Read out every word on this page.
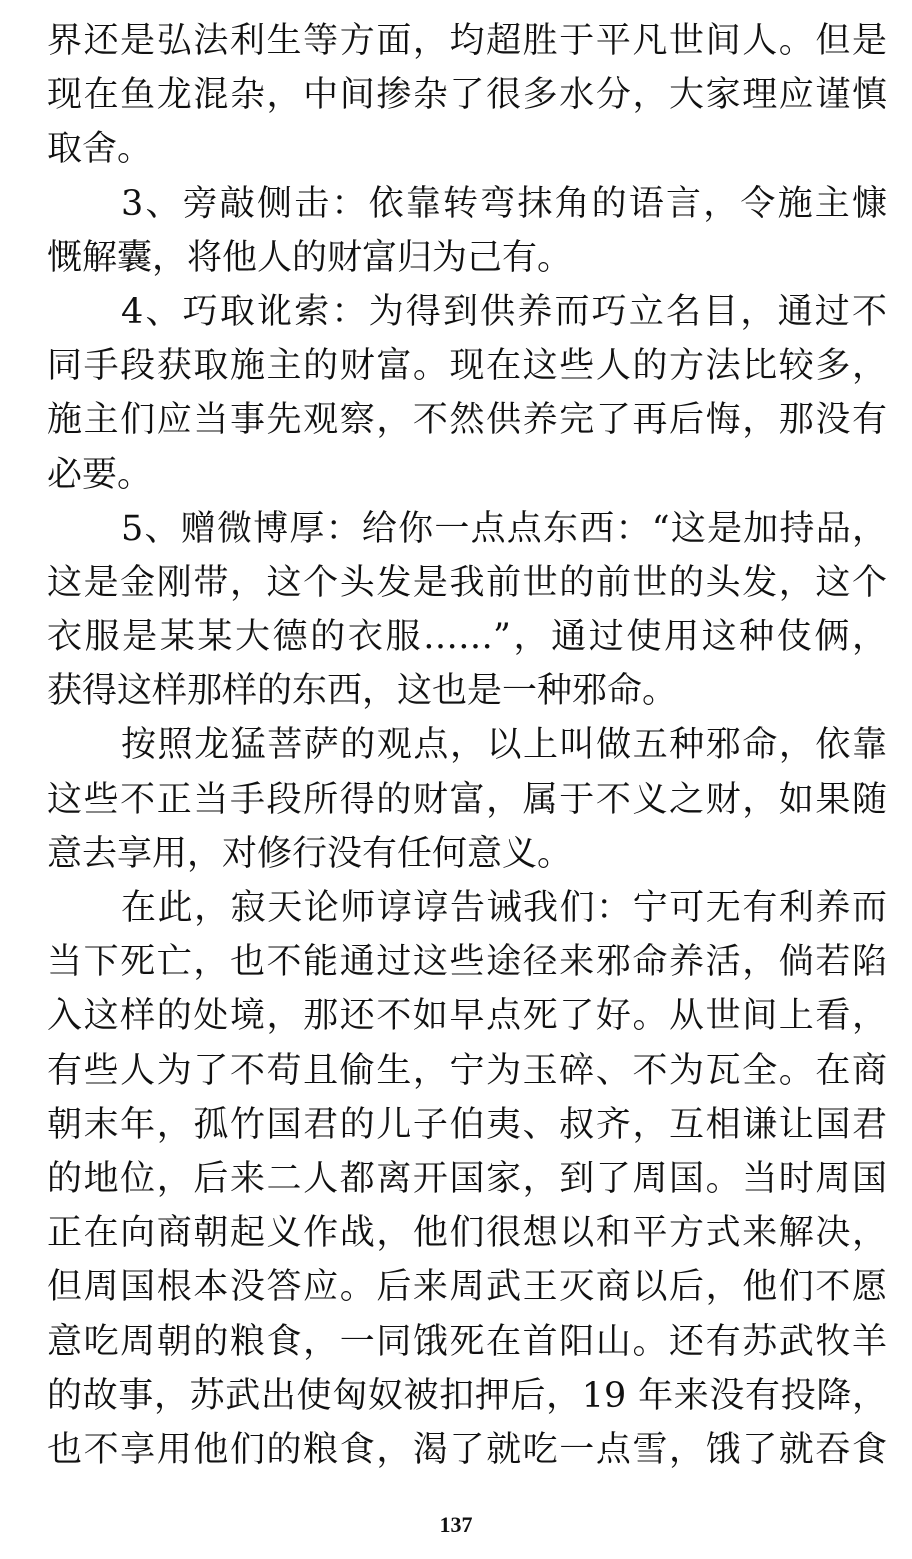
界还是弘法利生等方面，均超胜于平凡世间人。但是
现在鱼龙混杂，中间掺杂了很多水分，大家理应谨慎
取舍。
3、旁敲侧击：依靠转弯抹角的语言，令施主慷
慨解囊，将他人的财富归为己有。
4、巧取讹索：为得到供养而巧立名目，通过不
同手段获取施主的财富。现在这些人的方法比较多，
施主们应当事先观察，不然供养完了再后悔，那没有
必要。
5、赠微博厚：给你一点点东西：“这是加持品，
这是金刚带，这个头发是我前世的前世的头发，这个
衣服是某某大德的衣服……”，通过使用这种伎俩，
获得这样那样的东西，这也是一种邪命。
按照龙猛菩萨的观点，以上叫做五种邪命，依靠
这些不正当手段所得的财富，属于不义之财，如果随
意去享用，对修行没有任何意义。
在此，寂天论师谆谆告诫我们：宁可无有利养而
当下死亡，也不能通过这些途径来邪命养活，倘若陷
入这样的处境，那还不如早点死了好。从世间上看，
有些人为了不苟且偷生，宁为玉碎、不为瓦全。在商
朝末年，孤竹国君的儿子伯夷、叔齐，互相谦让国君
的地位，后来二人都离开国家，到了周国。当时周国
正在向商朝起义作战，他们很想以和平方式来解决，
但周国根本没答应。后来周武王灭商以后，他们不愿
意吃周朝的粮食，一同饿死在首阳山。还有苏武牧羊
的故事，苏武出使匈奴被扣押后，19 年来没有投降，
也不享用他们的粮食，渴了就吃一点雪，饿了就吞食
137
